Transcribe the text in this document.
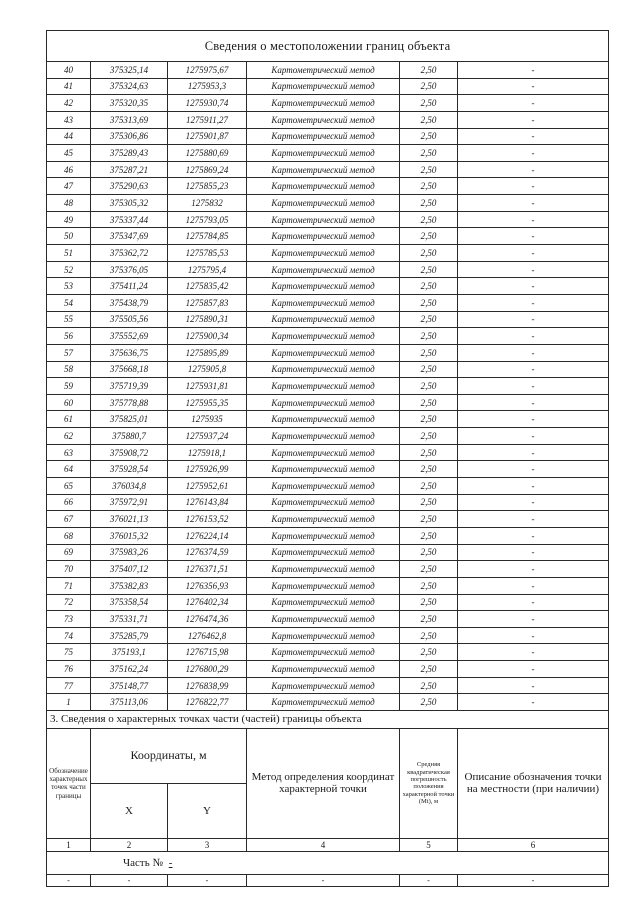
Сведения о местоположении границ объекта					
40	375325,14	1275975,67	Картометрический метод	2,50	-
41	375324,63	1275953,3	Картометрический метод	2,50	-
42	375320,35	1275930,74	Картометрический метод	2,50	-
43	375313,69	1275911,27	Картометрический метод	2,50	-
44	375306,86	1275901,87	Картометрический метод	2,50	-
45	375289,43	1275880,69	Картометрический метод	2,50	-
46	375287,21	1275869,24	Картометрический метод	2,50	-
47	375290,63	1275855,23	Картометрический метод	2,50	-
48	375305,32	1275832	Картометрический метод	2,50	-
49	375337,44	1275793,05	Картометрический метод	2,50	-
50	375347,69	1275784,85	Картометрический метод	2,50	-
51	375362,72	1275785,53	Картометрический метод	2,50	-
52	375376,05	1275795,4	Картометрический метод	2,50	-
53	375411,24	1275835,42	Картометрический метод	2,50	-
54	375438,79	1275857,83	Картометрический метод	2,50	-
55	375505,56	1275890,31	Картометрический метод	2,50	-
56	375552,69	1275900,34	Картометрический метод	2,50	-
57	375636,75	1275895,89	Картометрический метод	2,50	-
58	375668,18	1275905,8	Картометрический метод	2,50	-
59	375719,39	1275931,81	Картометрический метод	2,50	-
60	375778,88	1275955,35	Картометрический метод	2,50	-
61	375825,01	1275935	Картометрический метод	2,50	-
62	375880,7	1275937,24	Картометрический метод	2,50	-
63	375908,72	1275918,1	Картометрический метод	2,50	-
64	375928,54	1275926,99	Картометрический метод	2,50	-
65	376034,8	1275952,61	Картометрический метод	2,50	-
66	375972,91	1276143,84	Картометрический метод	2,50	-
67	376021,13	1276153,52	Картометрический метод	2,50	-
68	376015,32	1276224,14	Картометрический метод	2,50	-
69	375983,26	1276374,59	Картометрический метод	2,50	-
70	375407,12	1276371,51	Картометрический метод	2,50	-
71	375382,83	1276356,93	Картометрический метод	2,50	-
72	375358,54	1276402,34	Картометрический метод	2,50	-
73	375331,71	1276474,36	Картометрический метод	2,50	-
74	375285,79	1276462,8	Картометрический метод	2,50	-
75	375193,1	1276715,98	Картометрический метод	2,50	-
76	375162,24	1276800,29	Картометрический метод	2,50	-
77	375148,77	1276838,99	Картометрический метод	2,50	-
1	375113,06	1276822,77	Картометрический метод	2,50	-
3. Сведения о характерных точках части (частей) границы объекта					
Обозначение характерных точек части границы	Координаты, м		Метод определения координат характерной точки	Средняя квадратическая погрешность положения характерной точки (Mt), м	Описание обозначения точки на местности (при наличии)
	X	Y			
1	2	3	4	5	6
Часть № -					
-	-	-	-	-	-
